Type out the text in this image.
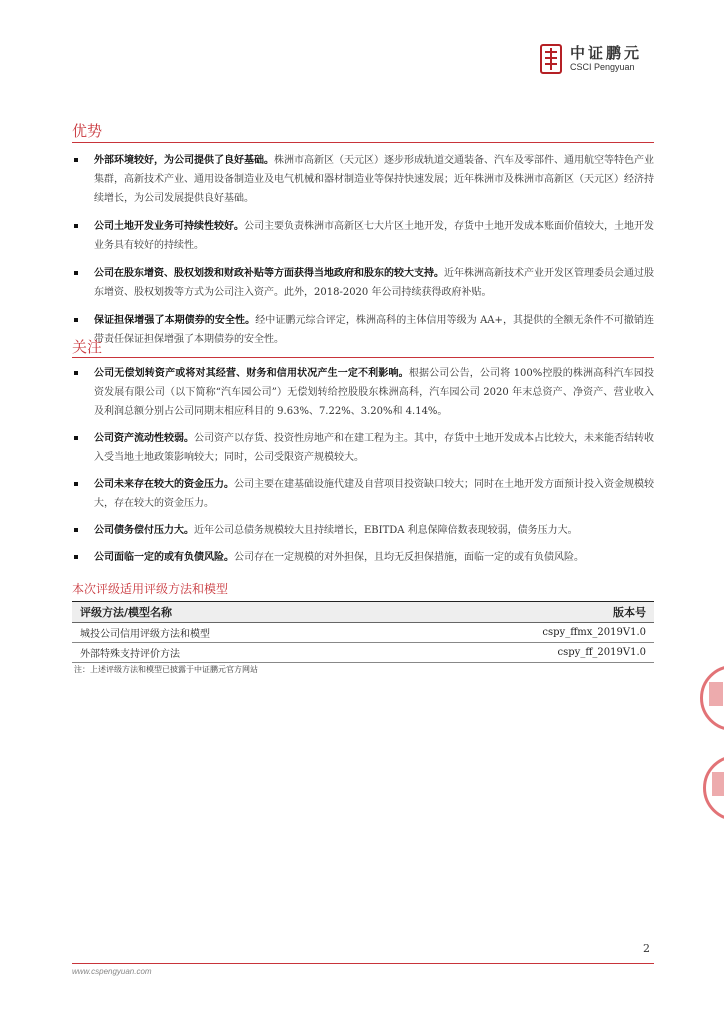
中证鹏元
CSCI Pengyuan
优势
外部环境较好，为公司提供了良好基础。株洲市高新区（天元区）逐步形成轨道交通装备、汽车及零部件、通用航空等特色产业集群，高新技术产业、通用设备制造业及电气机械和器材制造业等保持快速发展；近年株洲市及株洲市高新区（天元区）经济持续增长，为公司发展提供良好基础。
公司土地开发业务可持续性较好。公司主要负责株洲市高新区七大片区土地开发，存货中土地开发成本账面价值较大，土地开发业务具有较好的持续性。
公司在股东增资、股权划拨和财政补贴等方面获得当地政府和股东的较大支持。近年株洲高新技术产业开发区管理委员会通过股东增资、股权划拨等方式为公司注入资产。此外，2018-2020 年公司持续获得政府补贴。
保证担保增强了本期债券的安全性。经中证鹏元综合评定，株洲高科的主体信用等级为 AA+，其提供的全额无条件不可撤销连带责任保证担保增强了本期债券的安全性。
关注
公司无偿划转资产或将对其经营、财务和信用状况产生一定不利影响。根据公司公告，公司将 100%控股的株洲高科汽车园投资发展有限公司（以下简称“汽车园公司”）无偿划转给控股股东株洲高科，汽车园公司 2020 年末总资产、净资产、营业收入及利润总额分别占公司同期末相应科目的 9.63%、7.22%、3.20%和 4.14%。
公司资产流动性较弱。公司资产以存货、投资性房地产和在建工程为主。其中，存货中土地开发成本占比较大，未来能否结转收入受当地土地政策影响较大；同时，公司受限资产规模较大。
公司未来存在较大的资金压力。公司主要在建基础设施代建及自营项目投资缺口较大；同时在土地开发方面预计投入资金规模较大，存在较大的资金压力。
公司债务偿付压力大。近年公司总债务规模较大且持续增长，EBITDA 利息保障倍数表现较弱，债务压力大。
公司面临一定的或有负债风险。公司存在一定规模的对外担保，且均无反担保措施，面临一定的或有负债风险。
本次评级适用评级方法和模型
评级方法/模型名称	版本号
城投公司信用评级方法和模型	cspy_ffmx_2019V1.0
外部特殊支持评价方法	cspy_ff_2019V1.0
注：上述评级方法和模型已披露于中证鹏元官方网站
2
www.cspengyuan.com
